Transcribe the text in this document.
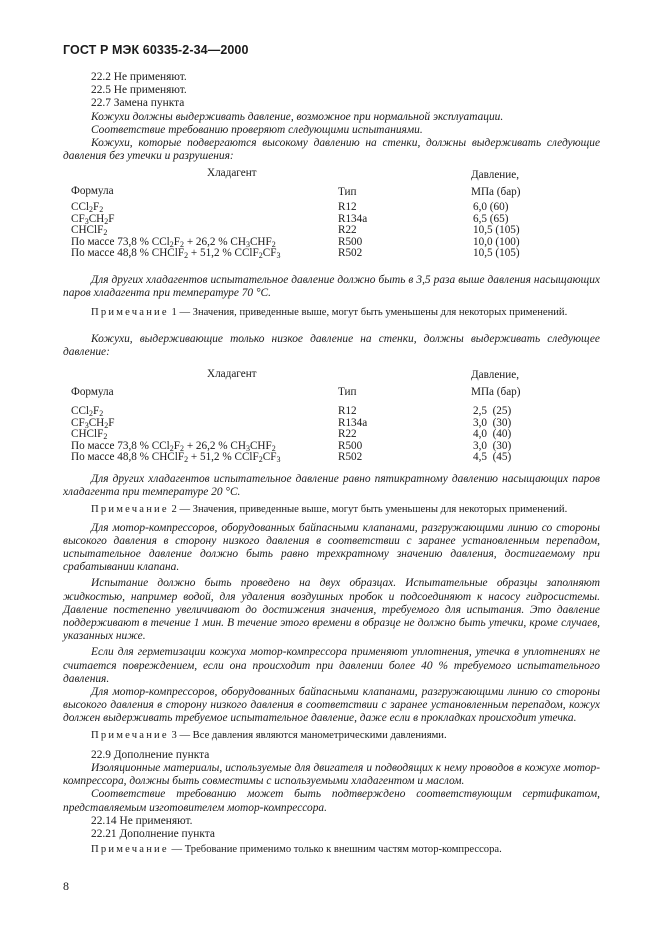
ГОСТ Р МЭК 60335-2-34—2000
22.2 Не применяют.
22.5 Не применяют.
22.7 Замена пункта
Кожухи должны выдерживать давление, возможное при нормальной эксплуатации.
Соответствие требованию проверяют следующими испытаниями.
Кожухи, которые подвергаются высокому давлению на стенки, должны выдерживать следующие давления без утечки и разрушения:
Хладагент	Давление,
Формула	Тип	МПа (бар)
$CCl_2F_2$	R12	6,0 (60)
$CF_3CH_2F$	R134a	6,5 (65)
CHClF$_2$	R22	10,5 (105)
По массе 73,8 % $CCl_2F_2 + 26,2$ % $CH_3CHF_2$	R500	10,0 (100)
По массе 48,8 % CHClF$_2$ + 51,2 % $CClF_2CF_3$	R502	10,5 (105)
Для других хладагентов испытательное давление должно быть в 3,5 раза выше давления насыщающих паров хладагента при температуре 70 °С.
Примечание 1 — Значения, приведенные выше, могут быть уменьшены для некоторых применений.
Кожухи, выдерживающие только низкое давление на стенки, должны выдерживать следующее давление:
Хладагент	Давление,
Формула	Тип	МПа (бар)
$CCl_2F_2$	R12	2,5  (25)
$CF_3CH_2F$	R134a	3,0  (30)
CHClF$_2$	R22	4,0  (40)
По массе 73,8 % $CCl_2F_2 + 26,2$ % $CH_3CHF_2$	R500	3,0  (30)
По массе 48,8 % CHClF$_2$ + 51,2 % $CClF_2CF_3$	R502	4,5  (45)
Для других хладагентов испытательное давление равно пятикратному давлению насыщающих паров хладагента при температуре 20 °С.
Примечание 2 — Значения, приведенные выше, могут быть уменьшены для некоторых применений.
Для мотор-компрессоров, оборудованных байпасными клапанами, разгружающими линию со стороны высокого давления в сторону низкого давления в соответствии с заранее установленным перепадом, испытательное давление должно быть равно трехкратному значению давления, достигаемому при срабатывании клапана.
Испытание должно быть проведено на двух образцах. Испытательные образцы заполняют жидкостью, например водой, для удаления воздушных пробок и подсоединяют к насосу гидросистемы. Давление постепенно увеличивают до достижения значения, требуемого для испытания. Это давление поддерживают в течение 1 мин. В течение этого времени в образце не должно быть утечки, кроме случаев, указанных ниже.
Если для герметизации кожуха мотор-компрессора применяют уплотнения, утечка в уплотнениях не считается повреждением, если она происходит при давлении более 40 % требуемого испытательного давления.
Для мотор-компрессоров, оборудованных байпасными клапанами, разгружающими линию со стороны высокого давления в сторону низкого давления в соответствии с заранее установленным перепадом, кожух должен выдерживать требуемое испытательное давление, даже если в прокладках происходит утечка.
Примечание 3 — Все давления являются манометрическими давлениями.
22.9 Дополнение пункта
Изоляционные материалы, используемые для двигателя и подводящих к нему проводов в кожухе мотор-компрессора, должны быть совместимы с используемыми хладагентом и маслом.
Соответствие требованию может быть подтверждено соответствующим сертификатом, представляемым изготовителем мотор-компрессора.
22.14 Не применяют.
22.21 Дополнение пункта
Примечание — Требование применимо только к внешним частям мотор-компрессора.
8
